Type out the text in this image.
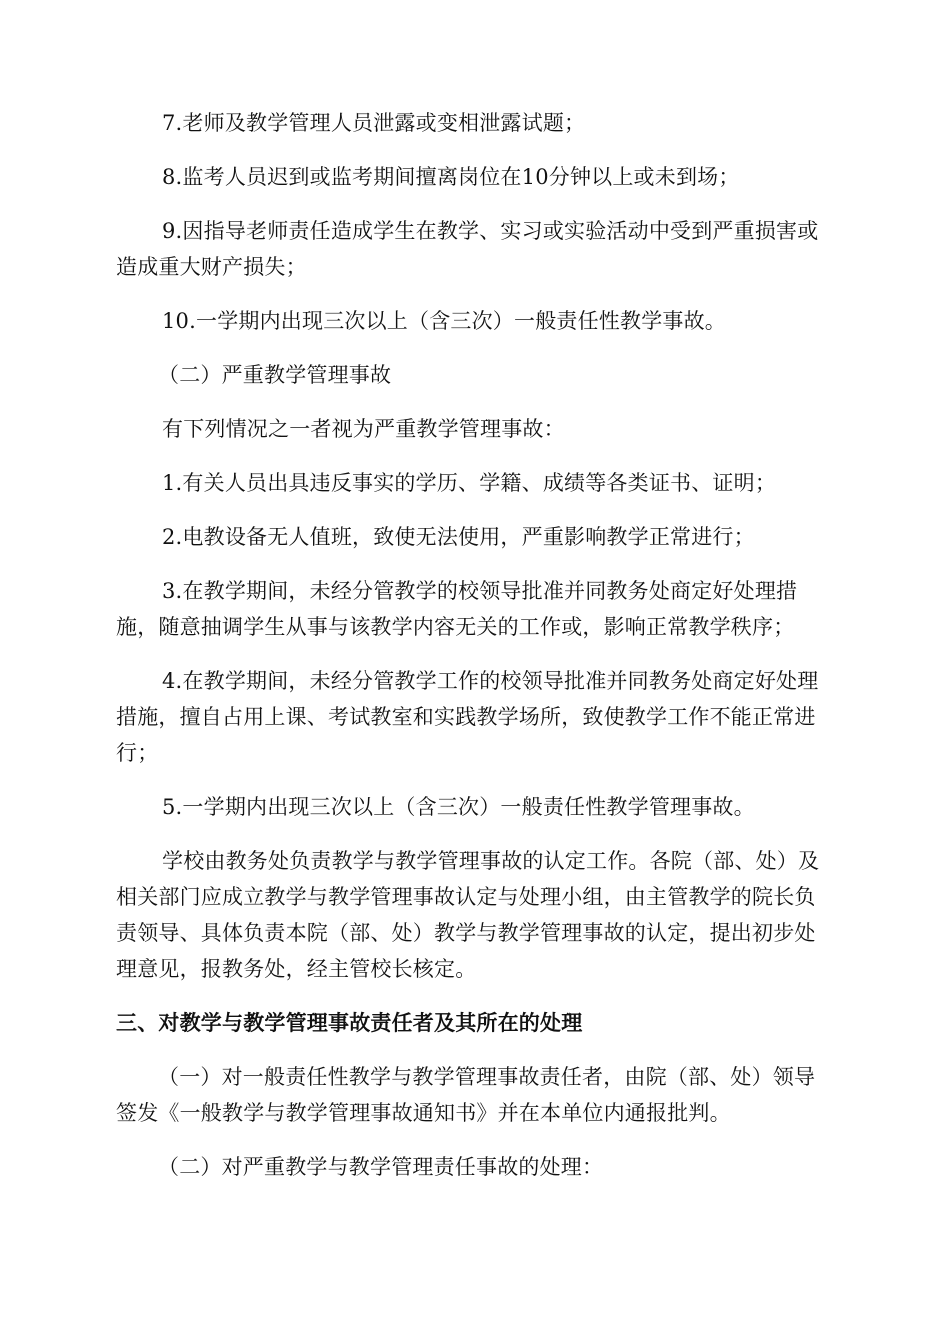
7.老师及教学管理人员泄露或变相泄露试题；

8.监考人员迟到或监考期间擅离岗位在10分钟以上或未到场；

9.因指导老师责任造成学生在教学、实习或实验活动中受到严重损害或造成重大财产损失；

10.一学期内出现三次以上（含三次）一般责任性教学事故。

（二）严重教学管理事故

有下列情况之一者视为严重教学管理事故：

1.有关人员出具违反事实的学历、学籍、成绩等各类证书、证明；

2.电教设备无人值班，致使无法使用，严重影响教学正常进行；

3.在教学期间，未经分管教学的校领导批准并同教务处商定好处理措施，随意抽调学生从事与该教学内容无关的工作或，影响正常教学秩序；

4.在教学期间，未经分管教学工作的校领导批准并同教务处商定好处理措施，擅自占用上课、考试教室和实践教学场所，致使教学工作不能正常进行；

5.一学期内出现三次以上（含三次）一般责任性教学管理事故。

学校由教务处负责教学与教学管理事故的认定工作。各院（部、处）及相关部门应成立教学与教学管理事故认定与处理小组，由主管教学的院长负责领导、具体负责本院（部、处）教学与教学管理事故的认定，提出初步处理意见，报教务处，经主管校长核定。

三、对教学与教学管理事故责任者及其所在的处理

（一）对一般责任性教学与教学管理事故责任者，由院（部、处）领导签发《一般教学与教学管理事故通知书》并在本单位内通报批判。

（二）对严重教学与教学管理责任事故的处理：
